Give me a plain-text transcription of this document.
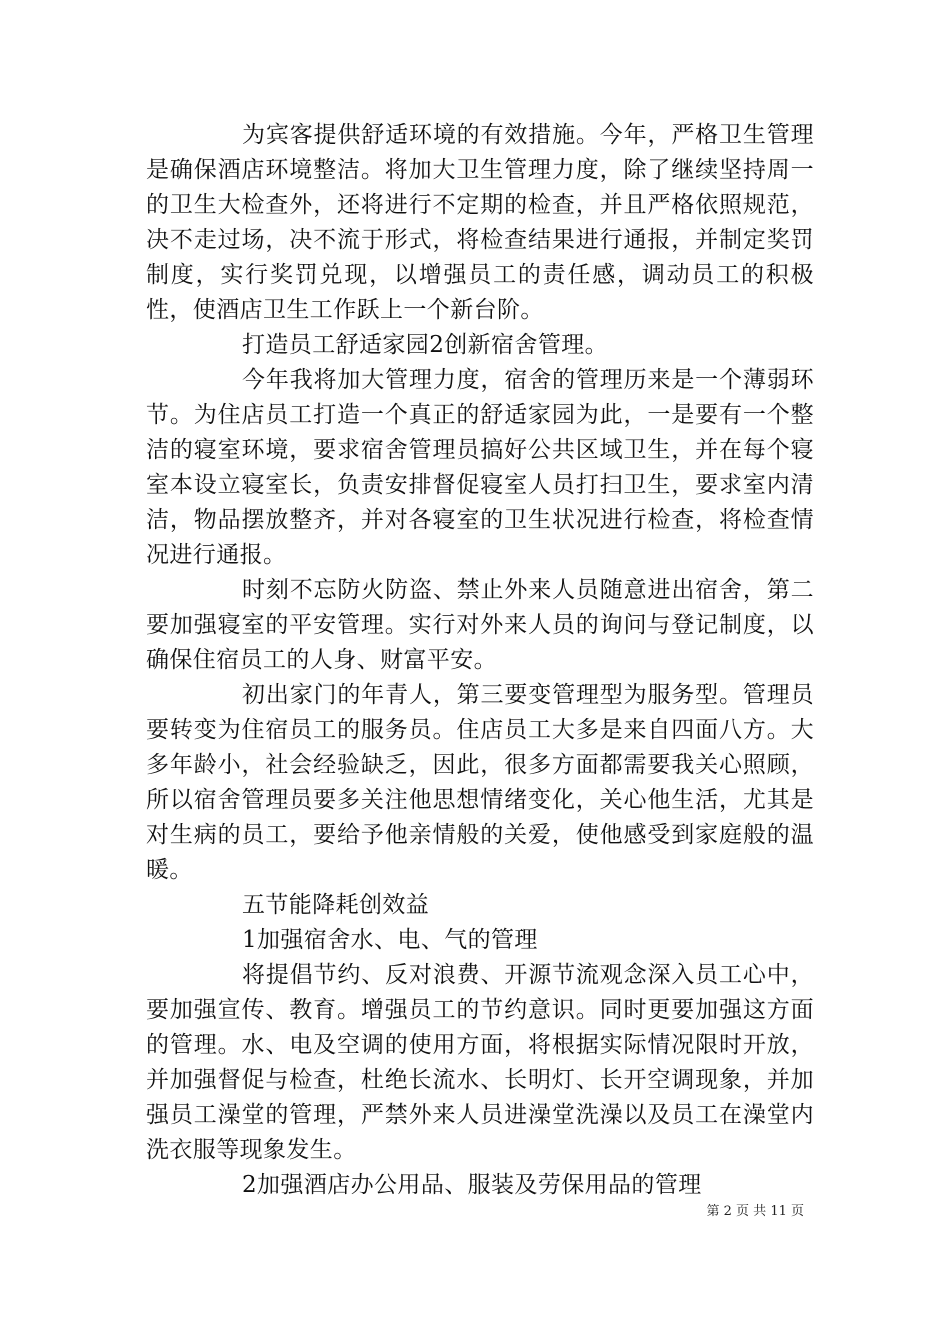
为宾客提供舒适环境的有效措施。今年，严格卫生管理是确保酒店环境整洁。将加大卫生管理力度，除了继续坚持周一的卫生大检查外，还将进行不定期的检查，并且严格依照规范，决不走过场，决不流于形式，将检查结果进行通报，并制定奖罚制度，实行奖罚兑现，以增强员工的责任感，调动员工的积极性，使酒店卫生工作跃上一个新台阶。

打造员工舒适家园2创新宿舍管理。

今年我将加大管理力度，宿舍的管理历来是一个薄弱环节。为住店员工打造一个真正的舒适家园为此，一是要有一个整洁的寝室环境，要求宿舍管理员搞好公共区域卫生，并在每个寝室本设立寝室长，负责安排督促寝室人员打扫卫生，要求室内清洁，物品摆放整齐，并对各寝室的卫生状况进行检查，将检查情况进行通报。

时刻不忘防火防盗、禁止外来人员随意进出宿舍，第二要加强寝室的平安管理。实行对外来人员的询问与登记制度，以确保住宿员工的人身、财富平安。

初出家门的年青人，第三要变管理型为服务型。管理员要转变为住宿员工的服务员。住店员工大多是来自四面八方。大多年龄小，社会经验缺乏，因此，很多方面都需要我关心照顾，所以宿舍管理员要多关注他思想情绪变化，关心他生活，尤其是对生病的员工，要给予他亲情般的关爱，使他感受到家庭般的温暖。

五节能降耗创效益

1加强宿舍水、电、气的管理

将提倡节约、反对浪费、开源节流观念深入员工心中，要加强宣传、教育。增强员工的节约意识。同时更要加强这方面的管理。水、电及空调的使用方面，将根据实际情况限时开放，并加强督促与检查，杜绝长流水、长明灯、长开空调现象，并加强员工澡堂的管理，严禁外来人员进澡堂洗澡以及员工在澡堂内洗衣服等现象发生。

2加强酒店办公用品、服装及劳保用品的管理

第 2 页 共 11 页
